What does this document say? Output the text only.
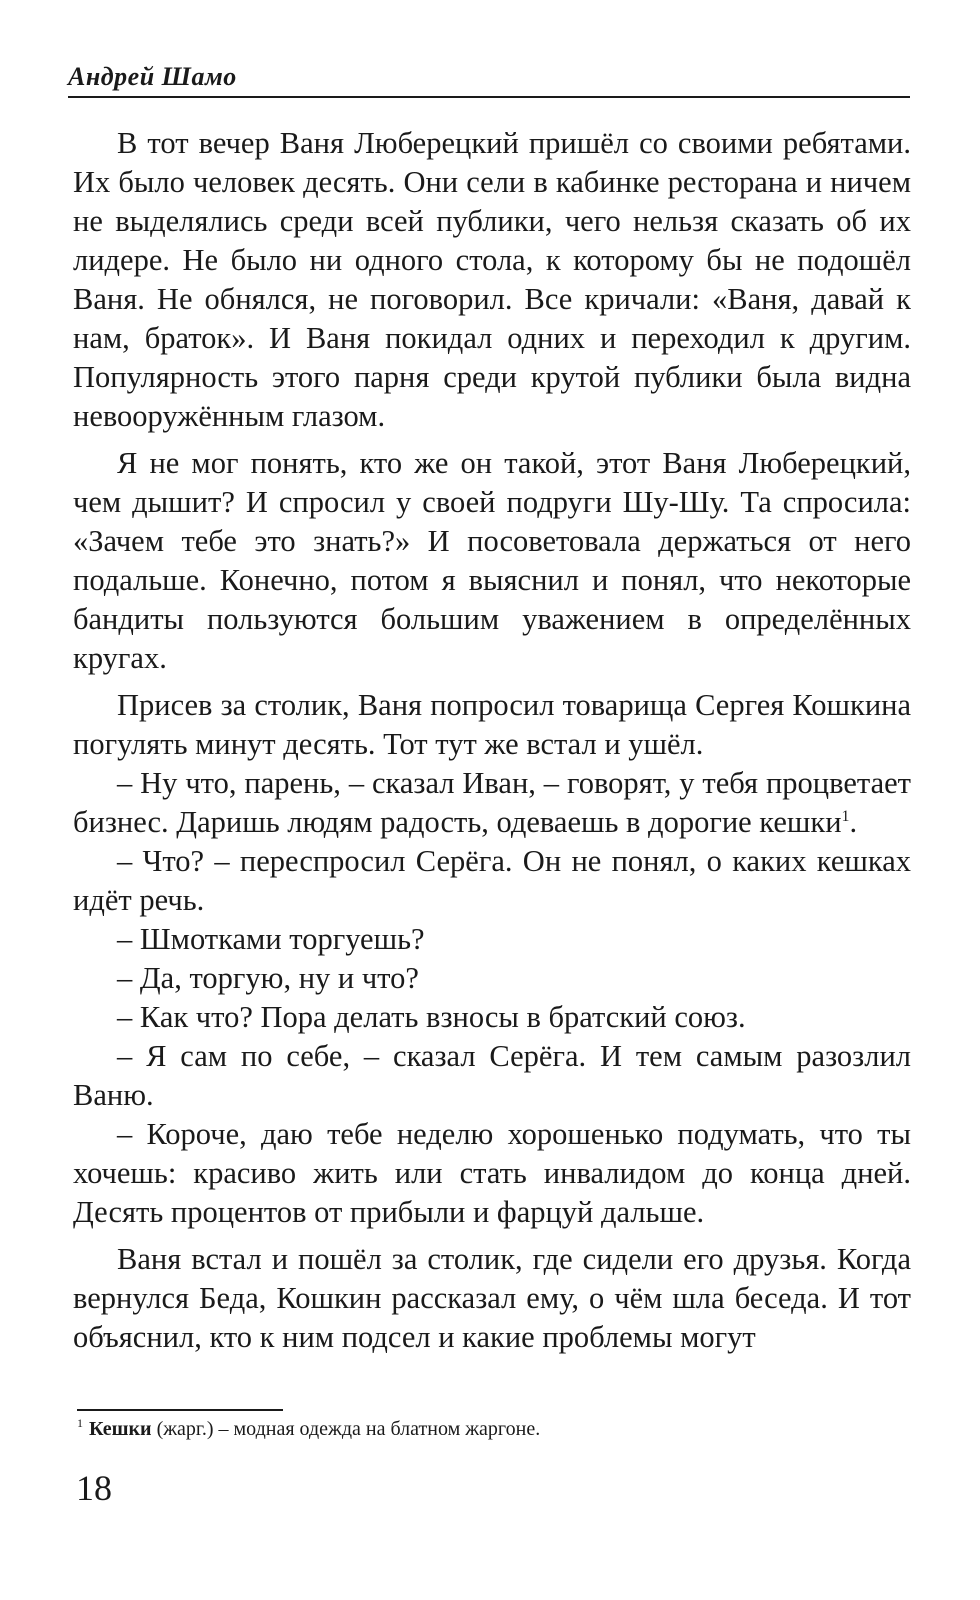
Андрей Шамо

В тот вечер Ваня Люберецкий пришёл со своими ребятами. Их было человек десять. Они сели в кабинке ресторана и ничем не выделялись среди всей публики, чего нельзя сказать об их лидере. Не было ни одного стола, к которому бы не подошёл Ваня. Не обнялся, не поговорил. Все кричали: «Ваня, давай к нам, браток». И Ваня покидал одних и переходил к другим. Популярность этого парня среди крутой публики была видна невооружённым глазом.

Я не мог понять, кто же он такой, этот Ваня Люберецкий, чем дышит? И спросил у своей подруги Шу-Шу. Та спросила: «Зачем тебе это знать?» И посоветовала держаться от него подальше. Конечно, потом я выяснил и понял, что некоторые бандиты пользуются большим уважением в определённых кругах.

Присев за столик, Ваня попросил товарища Сергея Кошкина погулять минут десять. Тот тут же встал и ушёл.

– Ну что, парень, – сказал Иван, – говорят, у тебя процветает бизнес. Даришь людям радость, одеваешь в дорогие кешки$^1$.

– Что? – переспросил Серёга. Он не понял, о каких кешках идёт речь.

– Шмотками торгуешь?

– Да, торгую, ну и что?

– Как что? Пора делать взносы в братский союз.

– Я сам по себе, – сказал Серёга. И тем самым разозлил Ваню.

– Короче, даю тебе неделю хорошенько подумать, что ты хочешь: красиво жить или стать инвалидом до конца дней. Десять процентов от прибыли и фарцуй дальше.

Ваня встал и пошёл за столик, где сидели его друзья. Когда вернулся Беда, Кошкин рассказал ему, о чём шла беседа. И тот объяснил, кто к ним подсел и какие проблемы могут

$^1$ Кешки (жарг.) – модная одежда на блатном жаргоне.
18
